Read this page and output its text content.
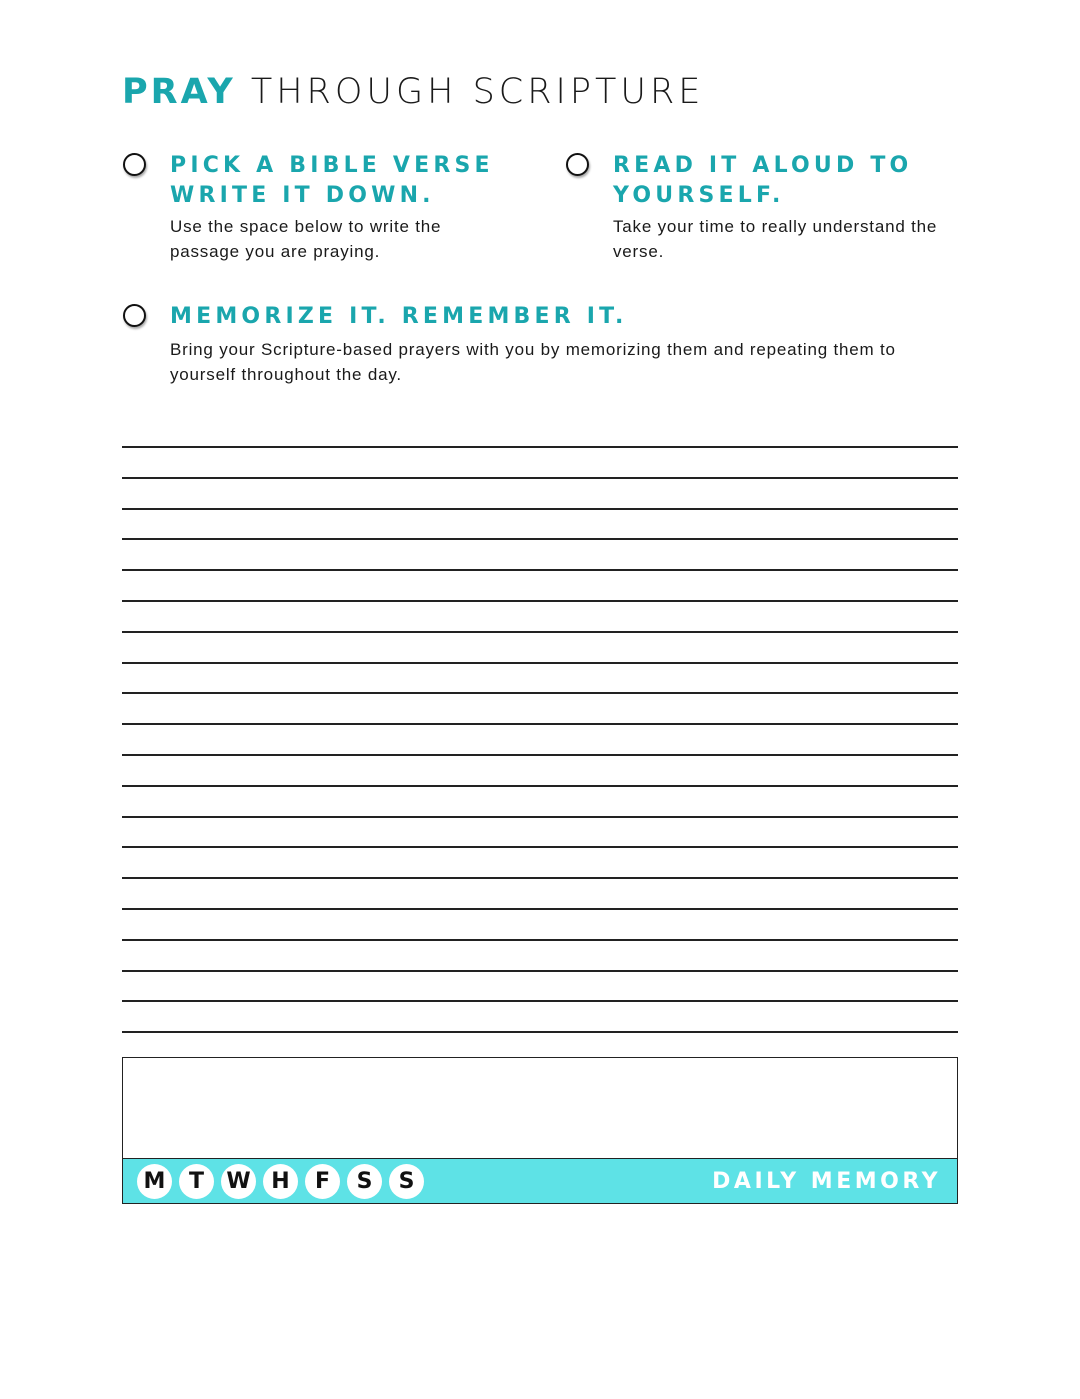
PRAY THROUGH SCRIPTURE
PICK A BIBLE VERSE
WRITE IT DOWN.

Use the space below to write the passage you are praying.

READ IT ALOUD TO
YOURSELF.

Take your time to really understand the verse.

MEMORIZE IT. REMEMBER IT.

Bring your Scripture-based prayers with you by memorizing them and repeating them to yourself throughout the day.

M	T	W H	F	S	S	DAILY MEMORY
